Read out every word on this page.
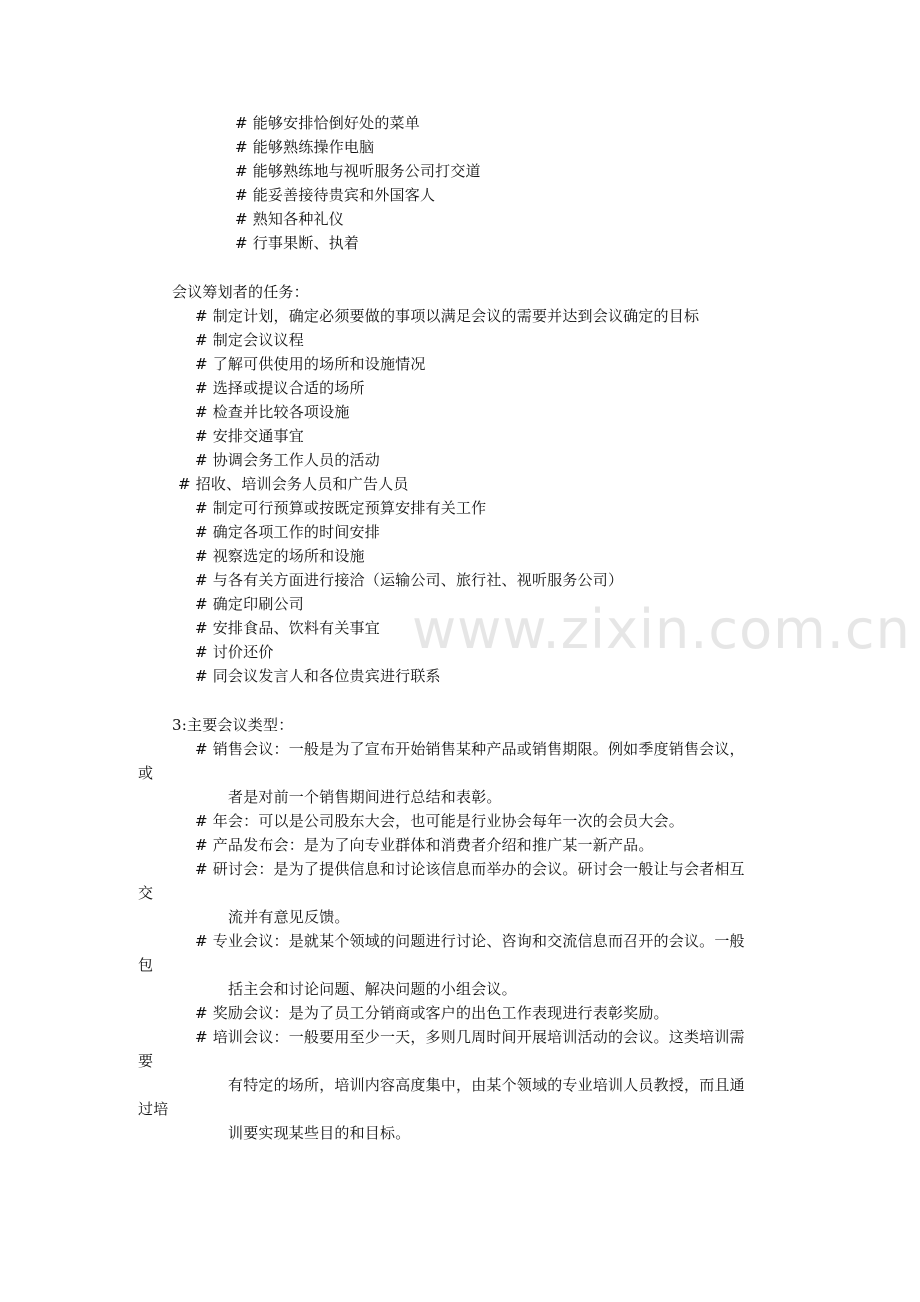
# 能够安排恰倒好处的菜单
# 能够熟练操作电脑
# 能够熟练地与视听服务公司打交道
# 能妥善接待贵宾和外国客人
# 熟知各种礼仪
# 行事果断、执着
会议筹划者的任务：
# 制定计划，确定必须要做的事项以满足会议的需要并达到会议确定的目标
# 制定会议议程
# 了解可供使用的场所和设施情况
# 选择或提议合适的场所
# 检查并比较各项设施
# 安排交通事宜
# 协调会务工作人员的活动
# 招收、培训会务人员和广告人员
# 制定可行预算或按既定预算安排有关工作
# 确定各项工作的时间安排
# 视察选定的场所和设施
# 与各有关方面进行接洽（运输公司、旅行社、视听服务公司）
# 确定印刷公司
# 安排食品、饮料有关事宜
# 讨价还价
# 同会议发言人和各位贵宾进行联系
3:主要会议类型：
# 销售会议：一般是为了宣布开始销售某种产品或销售期限。例如季度销售会议，
或
者是对前一个销售期间进行总结和表彰。
# 年会：可以是公司股东大会，也可能是行业协会每年一次的会员大会。
# 产品发布会：是为了向专业群体和消费者介绍和推广某一新产品。
# 研讨会：是为了提供信息和讨论该信息而举办的会议。研讨会一般让与会者相互
交
流并有意见反馈。
# 专业会议：是就某个领域的问题进行讨论、咨询和交流信息而召开的会议。一般
包
括主会和讨论问题、解决问题的小组会议。
# 奖励会议：是为了员工分销商或客户的出色工作表现进行表彰奖励。
# 培训会议：一般要用至少一天，多则几周时间开展培训活动的会议。这类培训需
要
有特定的场所，培训内容高度集中，由某个领域的专业培训人员教授，而且通
过培
训要实现某些目的和目标。
www.zixin.com.cn
